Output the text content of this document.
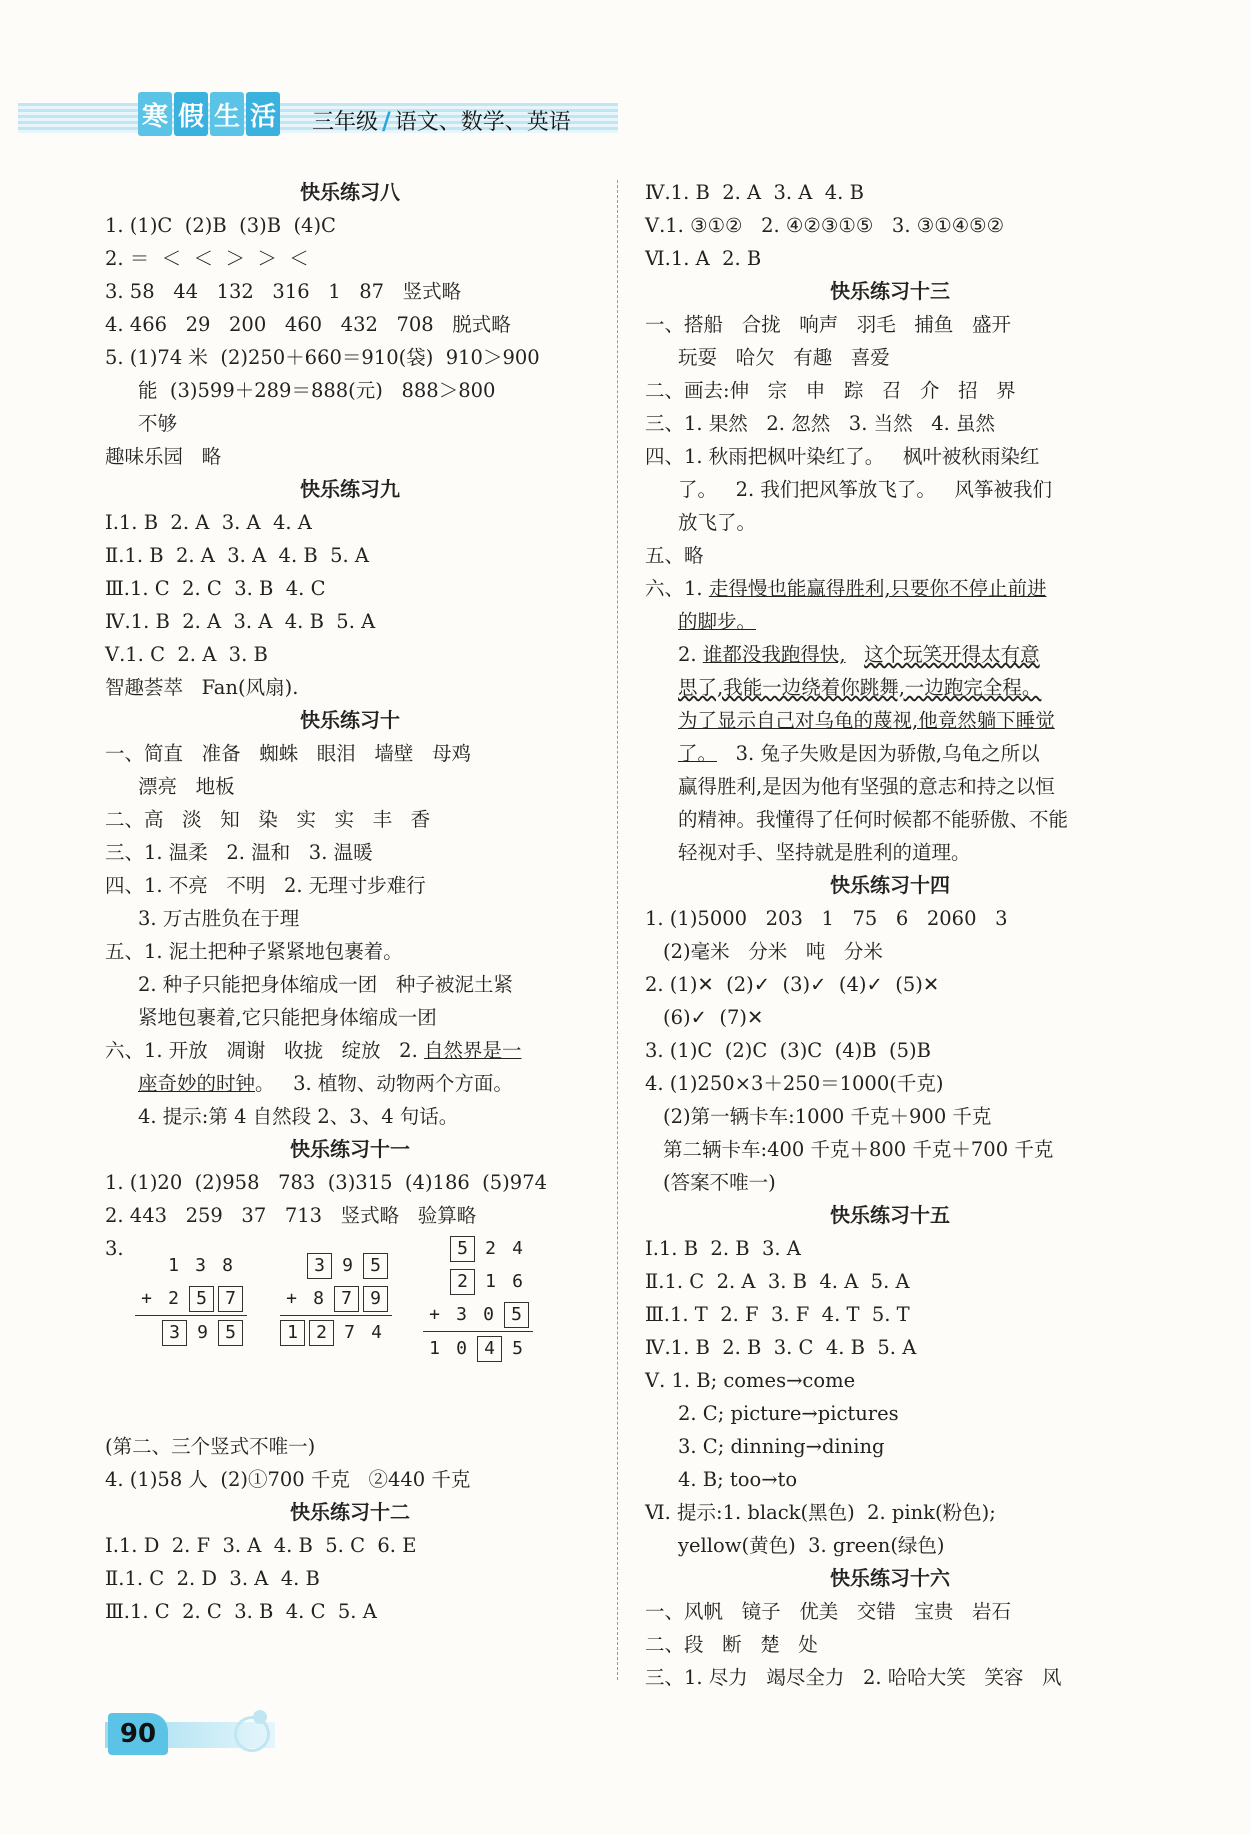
寒 假 生 活 三年级 / 语文、数学、英语
快乐练习八
1. (1)C  (2)B  (3)B  (4)C
2. ＝  ＜  ＜  ＞  ＞  ＜
3. 58   44   132   316   1   87   竖式略
4. 466   29   200   460   432   708   脱式略
5. (1)74 米  (2)250＋660＝910(袋)  910＞900
能  (3)599＋289＝888(元)   888＞800
不够
趣味乐园   略
快乐练习九
Ⅰ.1. B  2. A  3. A  4. A
Ⅱ.1. B  2. A  3. A  4. B  5. A
Ⅲ.1. C  2. C  3. B  4. C
Ⅳ.1. B  2. A  3. A  4. B  5. A
Ⅴ.1. C  2. A  3. B
智趣荟萃   Fan(风扇).
快乐练习十
一、简直   准备   蜘蛛   眼泪   墙壁   母鸡
漂亮   地板
二、高   淡   知   染   实   实   丰   香
三、1. 温柔   2. 温和   3. 温暖
四、1. 不亮   不明   2. 无理寸步难行
3. 万古胜负在于理
五、1. 泥土把种子紧紧地包裹着。
2. 种子只能把身体缩成一团   种子被泥土紧
紧地包裹着,它只能把身体缩成一团
六、1. 开放   凋谢   收拢   绽放   2. 自然界是一
座奇妙的时钟。   3. 植物、动物两个方面。
4. 提示:第 4 自然段 2、3、4 句话。
快乐练习十一
1. (1)20  (2)958   783  (3)315  (4)186  (5)974
2. 443   259   37   713   竖式略   验算略
3.
1 3 8
+ 2 5	7
3 9 5
3 9 5
+ 8 7	9
1	2 7 4
5 2 4
2 1 6
+ 3 0 5
1 0 4 5
(第二、三个竖式不唯一)
4. (1)58 人  (2)①700 千克   ②440 千克
快乐练习十二
Ⅰ.1. D  2. F  3. A  4. B  5. C  6. E
Ⅱ.1. C  2. D  3. A  4. B
Ⅲ.1. C  2. C  3. B  4. C  5. A
Ⅳ.1. B  2. A  3. A  4. B
Ⅴ.1. ③①②   2. ④②③①⑤   3. ③①④⑤②
Ⅵ.1. A  2. B
快乐练习十三
一、搭船   合拢   响声   羽毛   捕鱼   盛开
玩耍   哈欠   有趣   喜爱
二、画去:伸   宗   申   踪   召   介   招   界
三、1. 果然   2. 忽然   3. 当然   4. 虽然
四、1. 秋雨把枫叶染红了。   枫叶被秋雨染红
了。   2. 我们把风筝放飞了。   风筝被我们
放飞了。
五、略
六、1. 走得慢也能赢得胜利,只要你不停止前进
的脚步。
2. 谁都没我跑得快, 这个玩笑开得太有意
思了,我能一边绕着你跳舞,一边跑完全程。
为了显示自己对乌龟的蔑视,他竟然躺下睡觉
了。   3. 兔子失败是因为骄傲,乌龟之所以
赢得胜利,是因为他有坚强的意志和持之以恒
的精神。我懂得了任何时候都不能骄傲、不能
轻视对手、坚持就是胜利的道理。
快乐练习十四
1. (1)5000   203   1   75   6   2060   3
(2)毫米   分米   吨   分米
2. (1)✕  (2)✓  (3)✓  (4)✓  (5)✕
(6)✓  (7)✕
3. (1)C  (2)C  (3)C  (4)B  (5)B
4. (1)250×3＋250＝1000(千克)
(2)第一辆卡车:1000 千克＋900 千克
第二辆卡车:400 千克＋800 千克＋700 千克
(答案不唯一)
快乐练习十五
Ⅰ.1. B  2. B  3. A
Ⅱ.1. C  2. A  3. B  4. A  5. A
Ⅲ.1. T  2. F  3. F  4. T  5. T
Ⅳ.1. B  2. B  3. C  4. B  5. A
Ⅴ. 1. B; comes→come
2. C; picture→pictures
3. C; dinning→dining
4. B; too→to
Ⅵ. 提示:1. black(黑色)  2. pink(粉色);
yellow(黄色)  3. green(绿色)
快乐练习十六
一、风帆   镜子   优美   交错   宝贵   岩石
二、段   断   楚   处
三、1. 尽力   竭尽全力   2. 哈哈大笑   笑容   风
90
